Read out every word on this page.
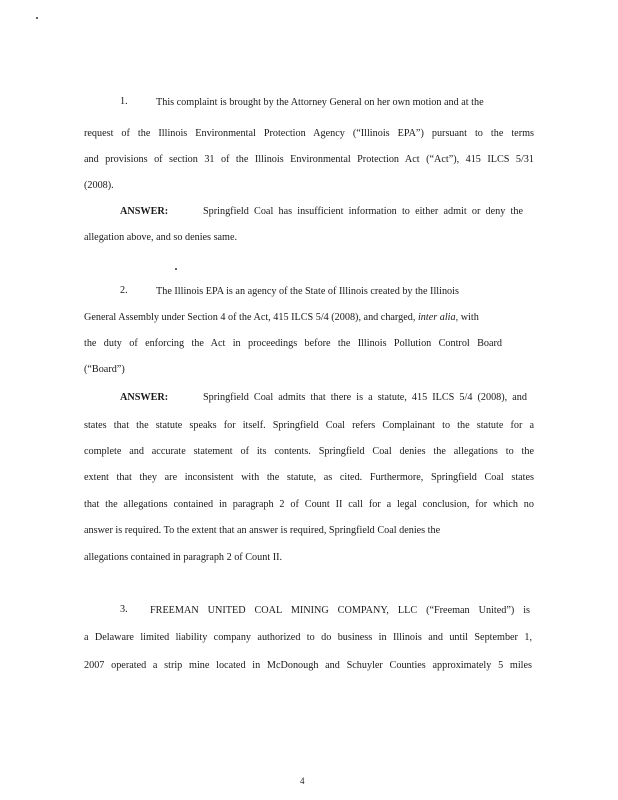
1.	This complaint is brought by the Attorney General on her own motion and at the
request of the Illinois Environmental Protection Agency (“Illinois EPA”) pursuant to the terms
and provisions of section 31 of the Illinois Environmental Protection Act (“Act”), 415 ILCS 5/31
(2008).
ANSWER:	Springfield Coal has insufficient information to either admit or deny the
allegation above, and so denies same.
2.	The Illinois EPA is an agency of the State of Illinois created by the Illinois
General Assembly under Section 4 of the Act, 415 ILCS 5/4 (2008), and charged, inter alia, with
the duty of enforcing the Act in proceedings before the Illinois Pollution Control Board
(“Board”)
ANSWER:	Springfield Coal admits that there is a statute, 415 ILCS 5/4 (2008), and
states that the statute speaks for itself. Springfield Coal refers Complainant to the statute for a
complete and accurate statement of its contents. Springfield Coal denies the allegations to the
extent that they are inconsistent with the statute, as cited. Furthermore, Springfield Coal states
that the allegations contained in paragraph 2 of Count II call for a legal conclusion, for which no
answer is required. To the extent that an answer is required, Springfield Coal denies the
allegations contained in paragraph 2 of Count II.
3. FREEMAN UNITED COAL MINING COMPANY, LLC (“Freeman United”) is
a Delaware limited liability company authorized to do business in Illinois and until September 1,
2007 operated a strip mine located in McDonough and Schuyler Counties approximately 5 miles
4
